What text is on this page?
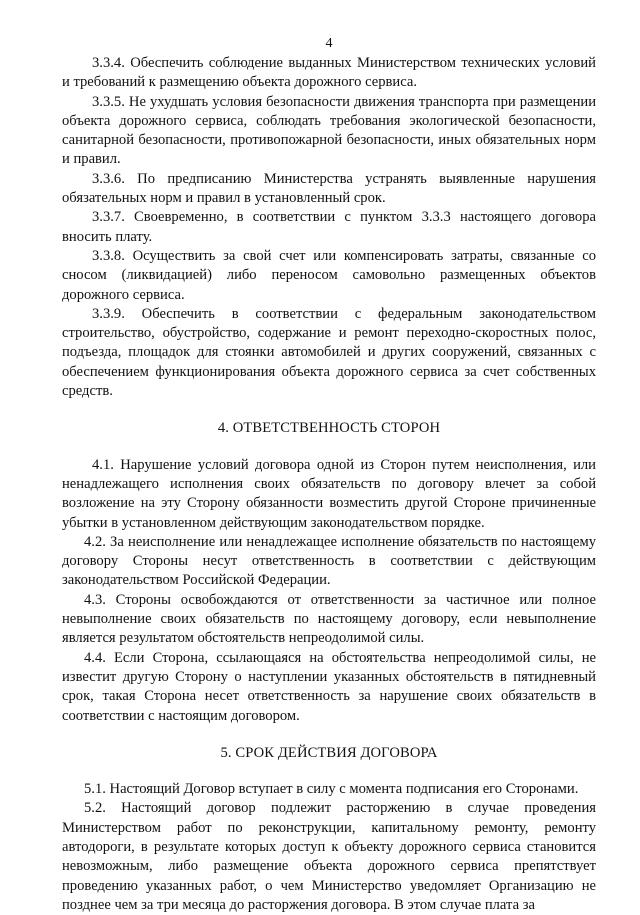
4

3.3.4. Обеспечить соблюдение выданных Министерством технических условий и требований к размещению объекта дорожного сервиса.

3.3.5. Не ухудшать условия безопасности движения транспорта при размещении объекта дорожного сервиса, соблюдать требования экологической безопасности, санитарной безопасности, противопожарной безопасности, иных обязательных норм и правил.

3.3.6. По предписанию Министерства устранять выявленные нарушения обязательных норм и правил в установленный срок.

3.3.7. Своевременно, в соответствии с пунктом 3.3.3 настоящего договора вносить плату.

3.3.8. Осуществить за свой счет или компенсировать затраты, связанные со сносом (ликвидацией) либо переносом самовольно размещенных объектов дорожного сервиса.

3.3.9. Обеспечить в соответствии с федеральным законодательством строительство, обустройство, содержание и ремонт переходно-скоростных полос, подъезда, площадок для стоянки автомобилей и других сооружений, связанных с обеспечением функционирования объекта дорожного сервиса за счет собственных средств.

4. ОТВЕТСТВЕННОСТЬ СТОРОН

4.1. Нарушение условий договора одной из Сторон путем неисполнения, или ненадлежащего исполнения своих обязательств по договору влечет за собой возложение на эту Сторону обязанности возместить другой Стороне причиненные убытки в установленном действующим законодательством порядке.

4.2. За неисполнение или ненадлежащее исполнение обязательств по настоящему договору Стороны несут ответственность в соответствии с действующим законодательством Российской Федерации.

4.3. Стороны освобождаются от ответственности за частичное или полное невыполнение своих обязательств по настоящему договору, если невыполнение является результатом обстоятельств непреодолимой силы.

4.4. Если Сторона, ссылающаяся на обстоятельства непреодолимой силы, не известит другую Сторону о наступлении указанных обстоятельств в пятидневный срок, такая Сторона несет ответственность за нарушение своих обязательств в соответствии с настоящим договором.

5. СРОК ДЕЙСТВИЯ ДОГОВОРА

5.1. Настоящий Договор вступает в силу с момента подписания его Сторонами.

5.2. Настоящий договор подлежит расторжению в случае проведения Министерством работ по реконструкции, капитальному ремонту, ремонту автодороги, в результате которых доступ к объекту дорожного сервиса становится невозможным, либо размещение объекта дорожного сервиса препятствует проведению указанных работ, о чем Министерство уведомляет Организацию не позднее чем за три месяца до расторжения договора. В этом случае плата за
